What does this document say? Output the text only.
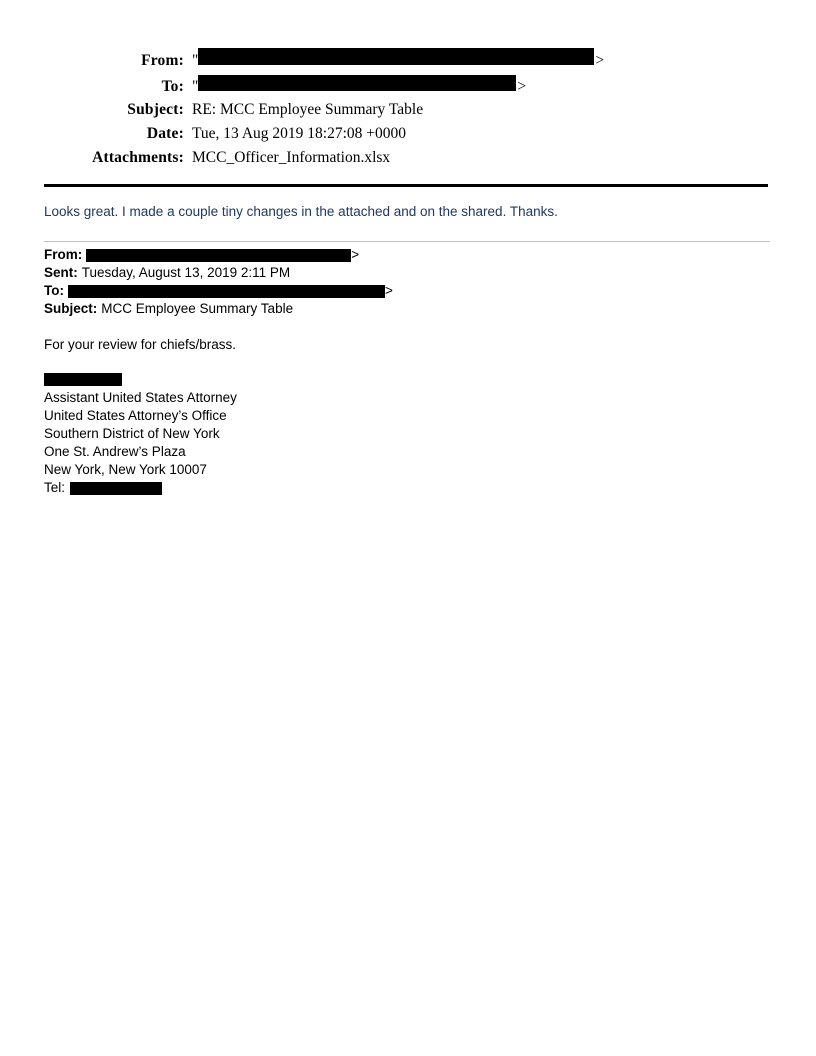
From: "	>
To: "	>
Subject: RE: MCC Employee Summary Table
Date: Tue, 13 Aug 2019 18:27:08 +0000
Attachments: MCC_Officer_Information.xlsx
Looks great. I made a couple tiny changes in the attached and on the shared. Thanks.
From:	>
Sent: Tuesday, August 13, 2019 2:11 PM
To:	>
Subject: MCC Employee Summary Table
For your review for chiefs/brass.
Assistant United States Attorney
United States Attorney’s Office
Southern District of New York
One St. Andrew’s Plaza
New York, New York 10007
Tel:
